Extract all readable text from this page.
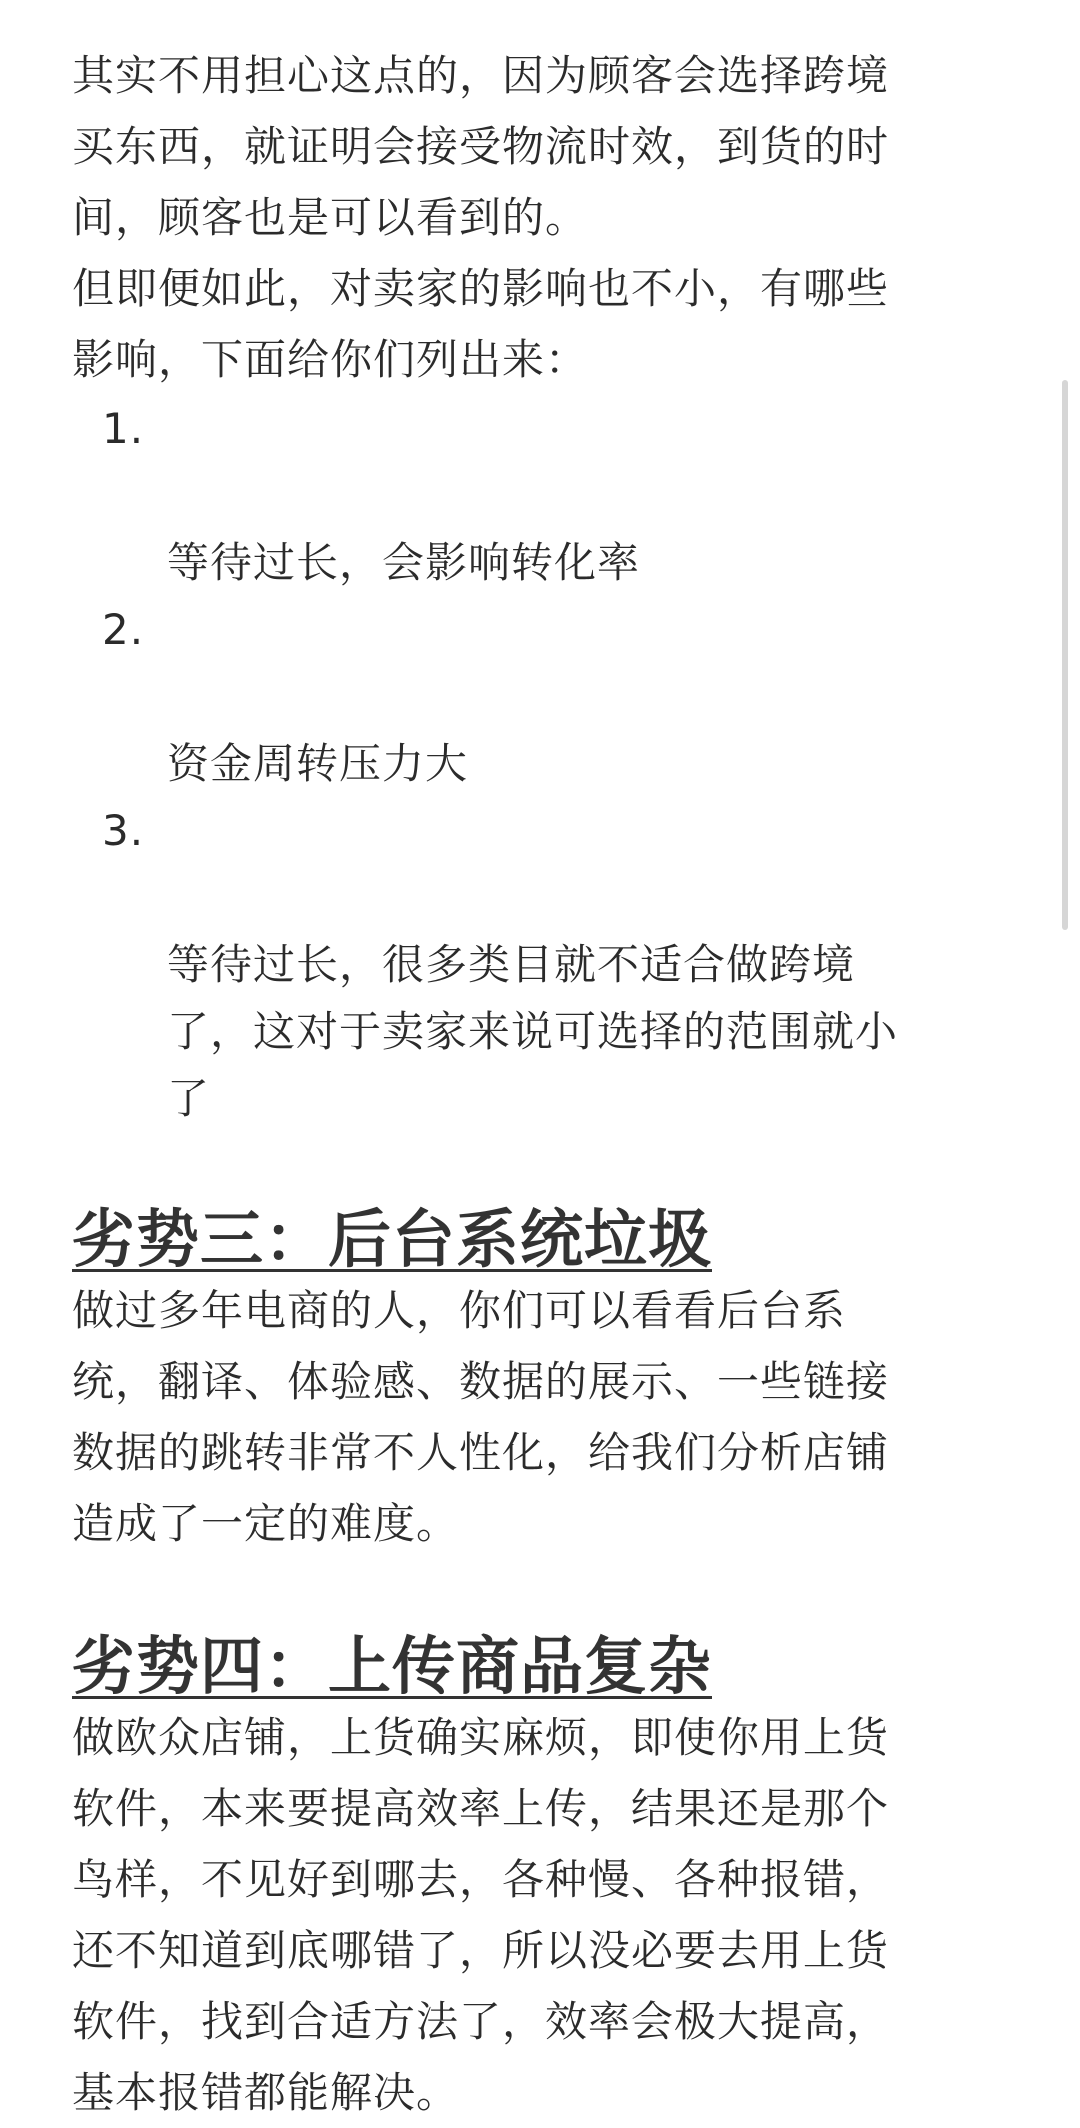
其实不用担心这点的，因为顾客会选择跨境
买东西，就证明会接受物流时效，到货的时
间，顾客也是可以看到的。

但即便如此，对卖家的影响也不小，有哪些
影响，下面给你们列出来：

1.

等待过长，会影响转化率

2.

资金周转压力大

3.

等待过长，很多类目就不适合做跨境
了，这对于卖家来说可选择的范围就小
了

劣势三：后台系统垃圾

做过多年电商的人，你们可以看看后台系
统，翻译、体验感、数据的展示、一些链接
数据的跳转非常不人性化，给我们分析店铺
造成了一定的难度。

劣势四：上传商品复杂

做欧众店铺，上货确实麻烦，即使你用上货
软件，本来要提高效率上传，结果还是那个
鸟样，不见好到哪去，各种慢、各种报错，
还不知道到底哪错了，所以没必要去用上货
软件，找到合适方法了，效率会极大提高，
基本报错都能解决。
